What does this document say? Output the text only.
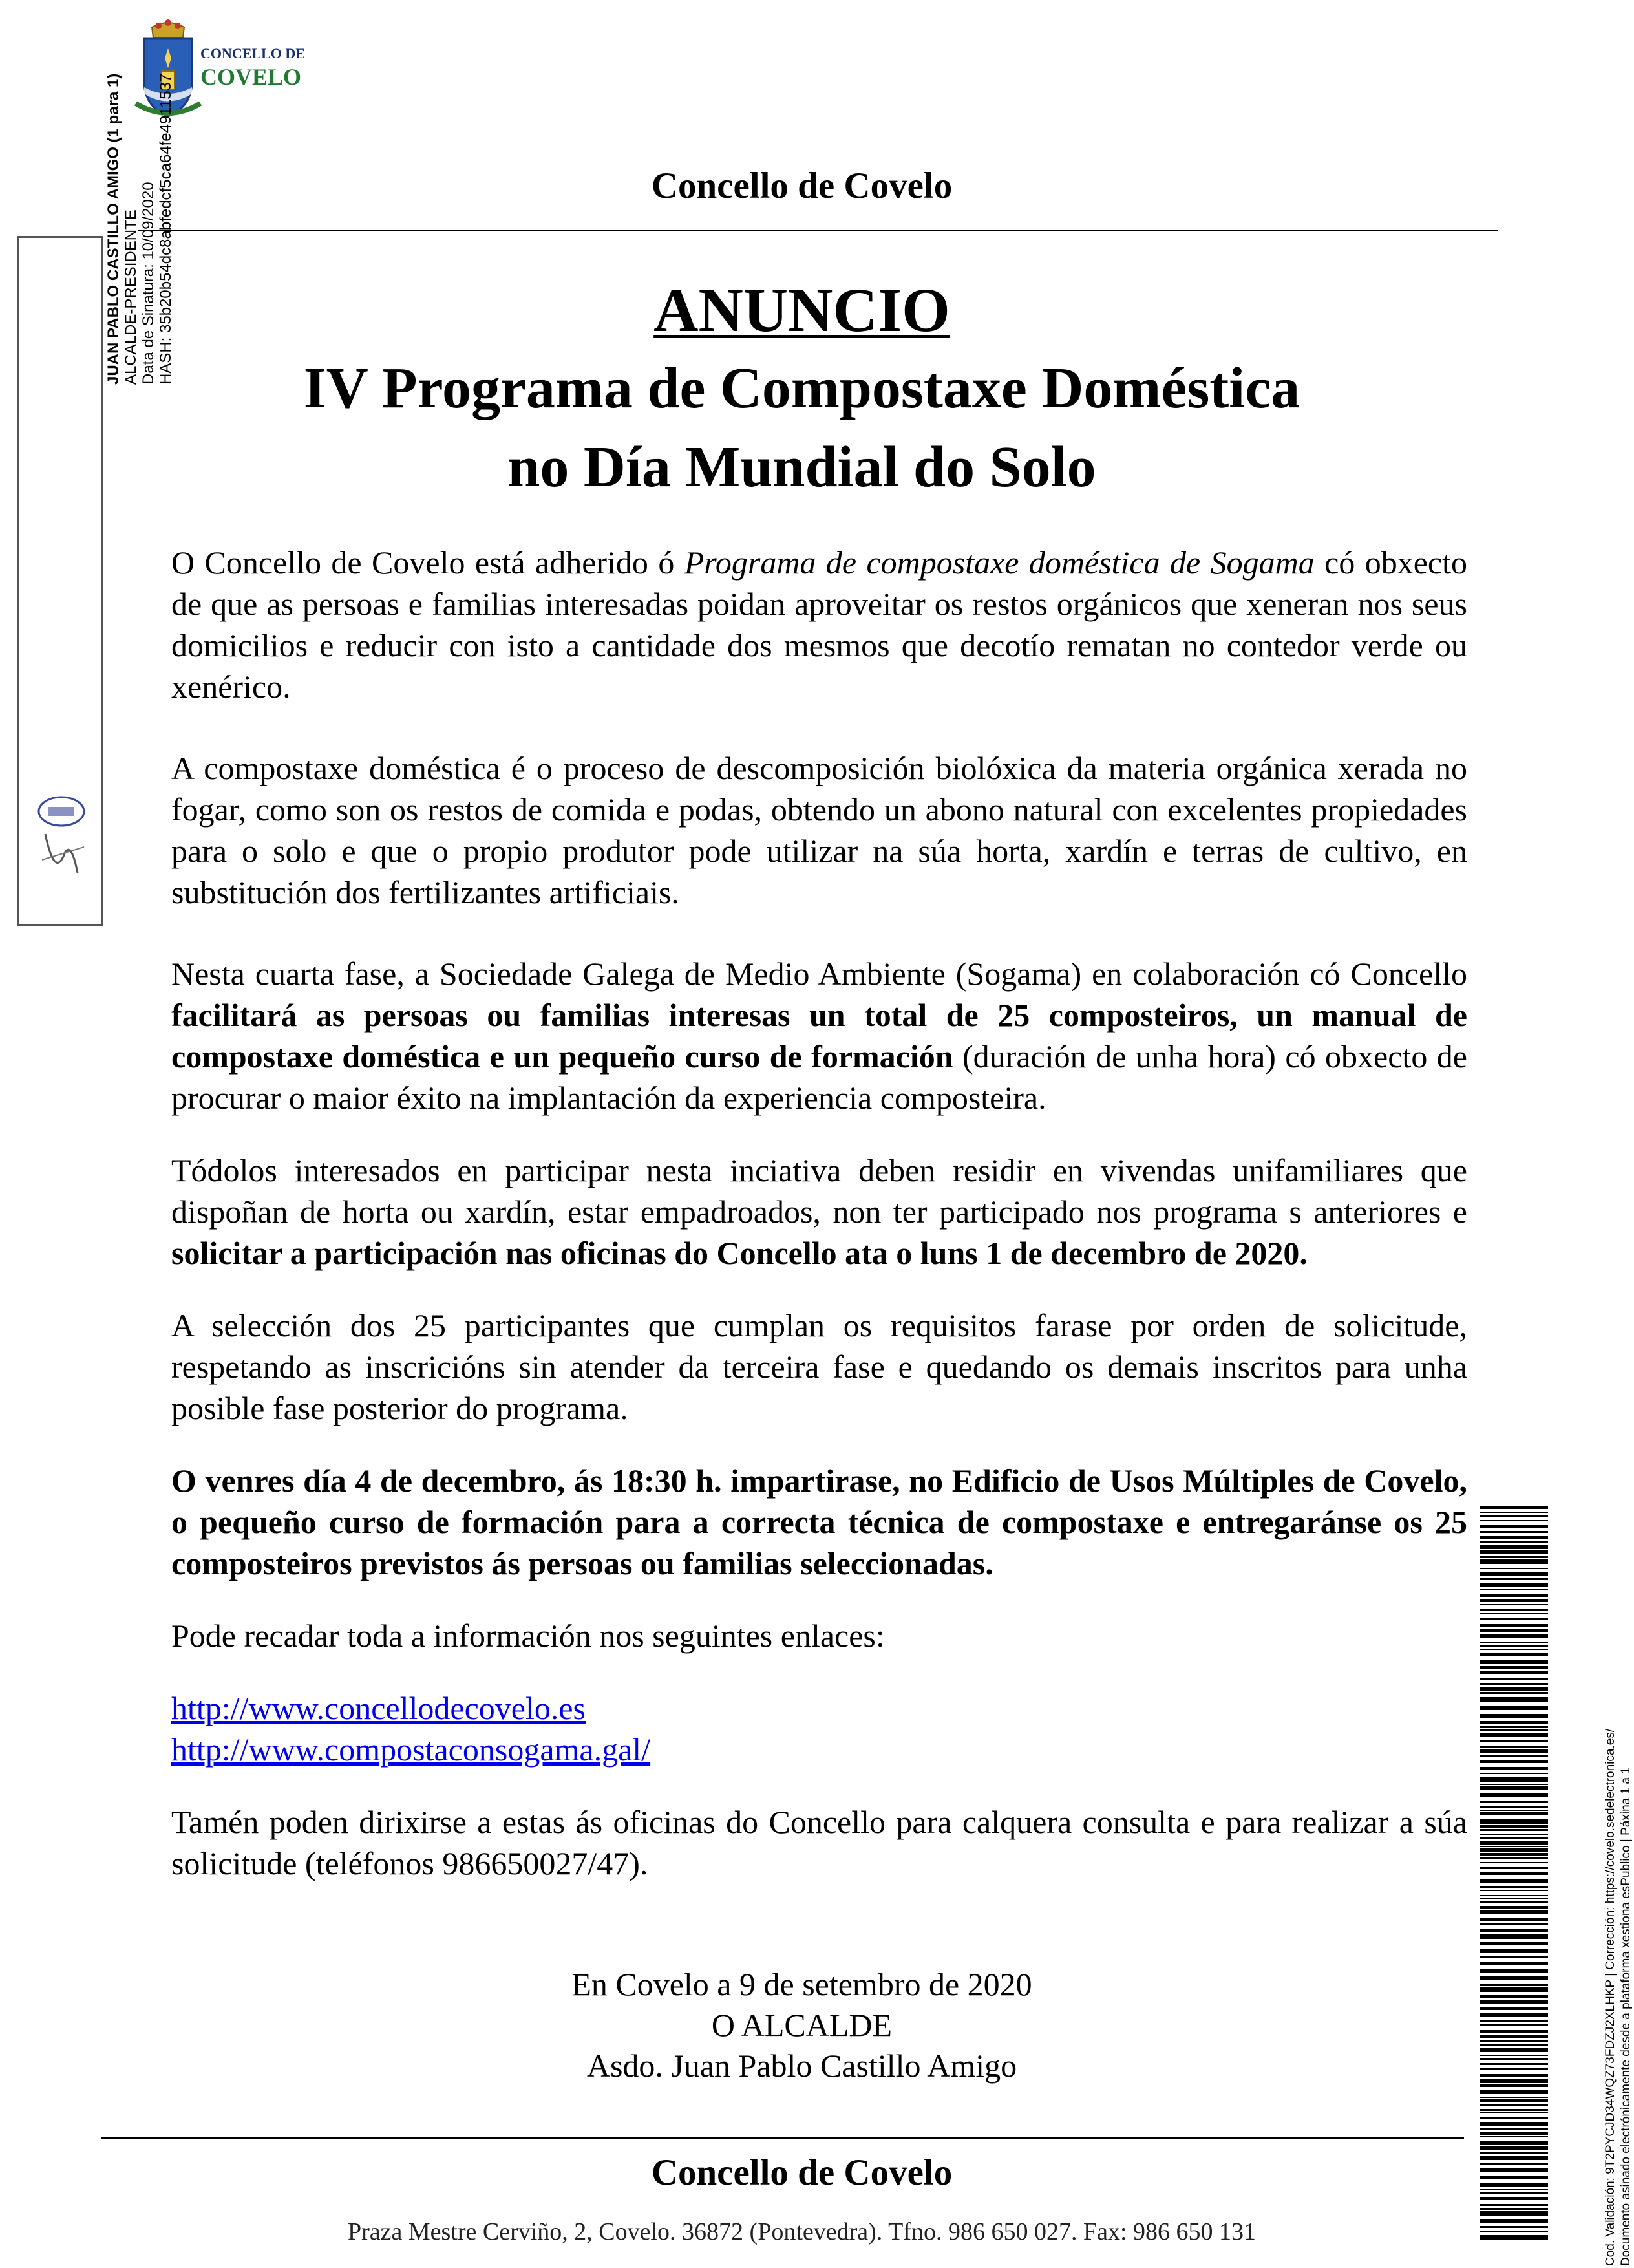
CONCELLO DE
COVELO
Concello de Covelo
JUAN PABLO CASTILLO AMIGO (1 para 1) ALCALDE-PRESIDENTE Data de Sinatura: 10/09/2020 HASH: 35b20b54dc8abfedcf5ca64fe4911537	ANUNCIO
IV Programa de Compostaxe Doméstica
no Día Mundial do Solo

O Concello de Covelo está adherido ó Programa de compostaxe doméstica de Sogama có obxecto de que as persoas e familias interesadas poidan aproveitar os restos orgánicos que xeneran nos seus domicilios e reducir con isto a cantidade dos mesmos que decotío rematan no contedor verde ou xenérico.

A compostaxe doméstica é o proceso de descomposición biolóxica da materia orgánica xerada no fogar, como son os restos de comida e podas, obtendo un abono natural con excelentes propiedades para o solo e que o propio produtor pode utilizar na súa horta, xardín e terras de cultivo, en substitución dos fertilizantes artificiais.

Nesta cuarta fase, a Sociedade Galega de Medio Ambiente (Sogama) en colaboración có Concello facilitará as persoas ou familias interesas un total de 25 composteiros, un manual de compostaxe doméstica e un pequeño curso de formación (duración de unha hora) có obxecto de procurar o maior éxito na implantación da experiencia composteira.

Tódolos interesados en participar nesta inciativa deben residir en vivendas unifamiliares que dispoñan de horta ou xardín, estar empadroados, non ter participado nos programa s anteriores e solicitar a participación nas oficinas do Concello ata o luns 1 de decembro de 2020.

A selección dos 25 participantes que cumplan os requisitos farase por orden de solicitude, respetando as inscricións sin atender da terceira fase e quedando os demais inscritos para unha posible fase posterior do programa.

O venres día 4 de decembro, ás 18:30 h. impartirase, no Edificio de Usos Múltiples de Covelo, o pequeño curso de formación para a correcta técnica de compostaxe e entregaránse os 25 composteiros previstos ás persoas ou familias seleccionadas.

Pode recadar toda a información nos seguintes enlaces:

http://www.concellodecovelo.es
http://www.compostaconsogama.gal/

Tamén poden dirixirse a estas ás oficinas do Concello para calquera consulta e para realizar a súa solicitude (teléfonos 986650027/47).

En Covelo a 9 de setembro de 2020
O ALCALDE
Asdo. Juan Pablo Castillo Amigo
Concello de Covelo
Praza Mestre Cerviño, 2, Covelo. 36872 (Pontevedra). Tfno. 986 650 027. Fax: 986 650 131	Cod. Validación: 9T2PYCJD34WQZ73FDZJ2XLHKP | Corrección: https://covelo.sedelectronica.es/ Documento asinado electrónicamente desde a plataforma xestiona esPublico | Páxina 1 a 1
